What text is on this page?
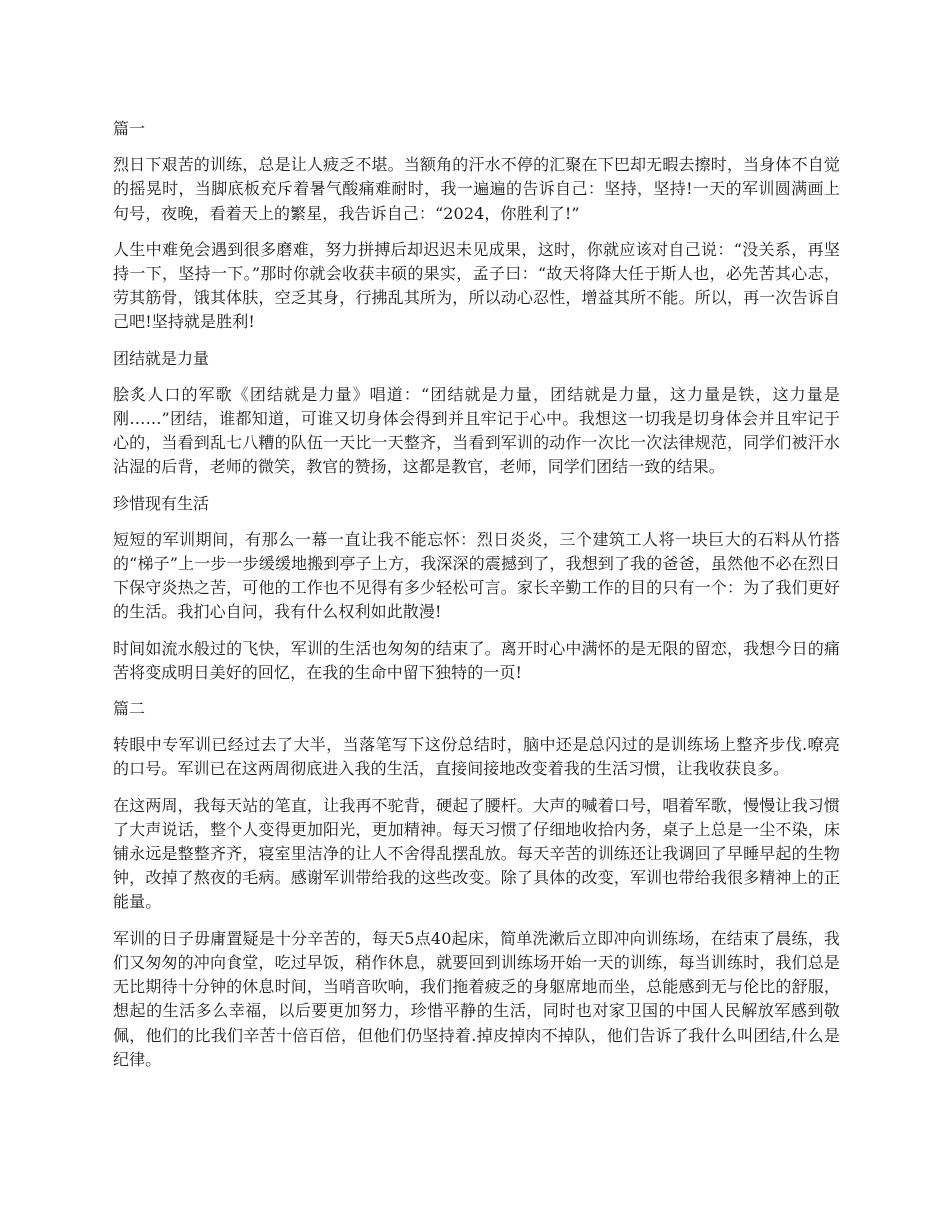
篇一

烈日下艰苦的训练，总是让人疲乏不堪。当额角的汗水不停的汇聚在下巴却无暇去擦时，当身体不自觉的摇晃时，当脚底板充斥着暑气酸痛难耐时，我一遍遍的告诉自己：坚持，坚持!一天的军训圆满画上句号，夜晚，看着天上的繁星，我告诉自己：“2024，你胜利了!”

人生中难免会遇到很多磨难，努力拼搏后却迟迟未见成果，这时，你就应该对自己说：“没关系，再坚持一下，坚持一下。”那时你就会收获丰硕的果实，孟子曰：“故天将降大任于斯人也，必先苦其心志，劳其筋骨，饿其体肤，空乏其身，行拂乱其所为，所以动心忍性，增益其所不能。所以，再一次告诉自己吧!坚持就是胜利!

团结就是力量

脍炙人口的军歌《团结就是力量》唱道：“团结就是力量，团结就是力量，这力量是铁，这力量是刚……”团结，谁都知道，可谁又切身体会得到并且牢记于心中。我想这一切我是切身体会并且牢记于心的，当看到乱七八糟的队伍一天比一天整齐，当看到军训的动作一次比一次法律规范，同学们被汗水沾湿的后背，老师的微笑，教官的赞扬，这都是教官，老师，同学们团结一致的结果。

珍惜现有生活

短短的军训期间，有那么一幕一直让我不能忘怀：烈日炎炎，三个建筑工人将一块巨大的石料从竹搭的“梯子”上一步一步缓缓地搬到亭子上方，我深深的震撼到了，我想到了我的爸爸，虽然他不必在烈日下保守炎热之苦，可他的工作也不见得有多少轻松可言。家长辛勤工作的目的只有一个：为了我们更好的生活。我扪心自问，我有什么权利如此散漫!

时间如流水般过的飞快，军训的生活也匆匆的结束了。离开时心中满怀的是无限的留恋，我想今日的痛苦将变成明日美好的回忆，在我的生命中留下独特的一页!

篇二

转眼中专军训已经过去了大半，当落笔写下这份总结时，脑中还是总闪过的是训练场上整齐步伐.嘹亮的口号。军训已在这两周彻底进入我的生活，直接间接地改变着我的生活习惯，让我收获良多。

在这两周，我每天站的笔直，让我再不驼背，硬起了腰杆。大声的喊着口号，唱着军歌，慢慢让我习惯了大声说话，整个人变得更加阳光，更加精神。每天习惯了仔细地收拾内务，桌子上总是一尘不染，床铺永远是整整齐齐，寝室里洁净的让人不舍得乱摆乱放。每天辛苦的训练还让我调回了早睡早起的生物钟，改掉了熬夜的毛病。感谢军训带给我的这些改变。除了具体的改变，军训也带给我很多精神上的正能量。

军训的日子毋庸置疑是十分辛苦的，每天5点40起床，简单洗漱后立即冲向训练场，在结束了晨练，我们又匆匆的冲向食堂，吃过早饭，稍作休息，就要回到训练场开始一天的训练，每当训练时，我们总是无比期待十分钟的休息时间，当哨音吹响，我们拖着疲乏的身躯席地而坐，总能感到无与伦比的舒服，想起的生活多么幸福，以后要更加努力，珍惜平静的生活，同时也对家卫国的中国人民解放军感到敬佩，他们的比我们辛苦十倍百倍，但他们仍坚持着.掉皮掉肉不掉队，他们告诉了我什么叫团结,什么是纪律。
